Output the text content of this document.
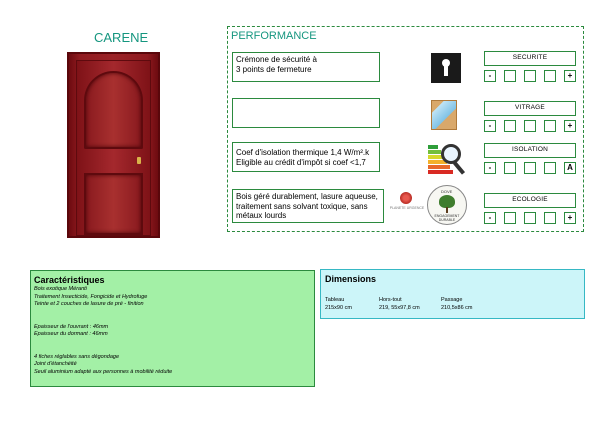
CARENE	PERFORMANCE
Crémone de sécurité à
3 points de fermeture
Coef d'isolation thermique 1,4 W/m².k
Eligible au crédit d'impôt si coef <1,7
Bois géré durablement, lasure aqueuse,
traitement sans solvant toxique, sans
métaux lourds
PLANETE URGENCE
DOVE
ENGAGEMENT DURABLE
SECURITE
-	+
VITRAGE
-	+
ISOLATION
-	A
ECOLOGIE
-	+
Caractéristiques
Bois exotique Méranti
Traitement Insecticide, Fongicide et Hydrofuge
Teinte et 2 couches de lasure de pré - finition
Epaisseur de l'ouvrant : 46mm
Epaisseur du dormant : 46mm
4 fiches réglables sans dégondage
Joint d'étanchéité
Seuil aluminium adapté aux personnes à mobilité réduite
Dimensions
Tableau
215x90 cm
Hors-tout
219, 55x97,8 cm
Passage
210,5x86 cm
